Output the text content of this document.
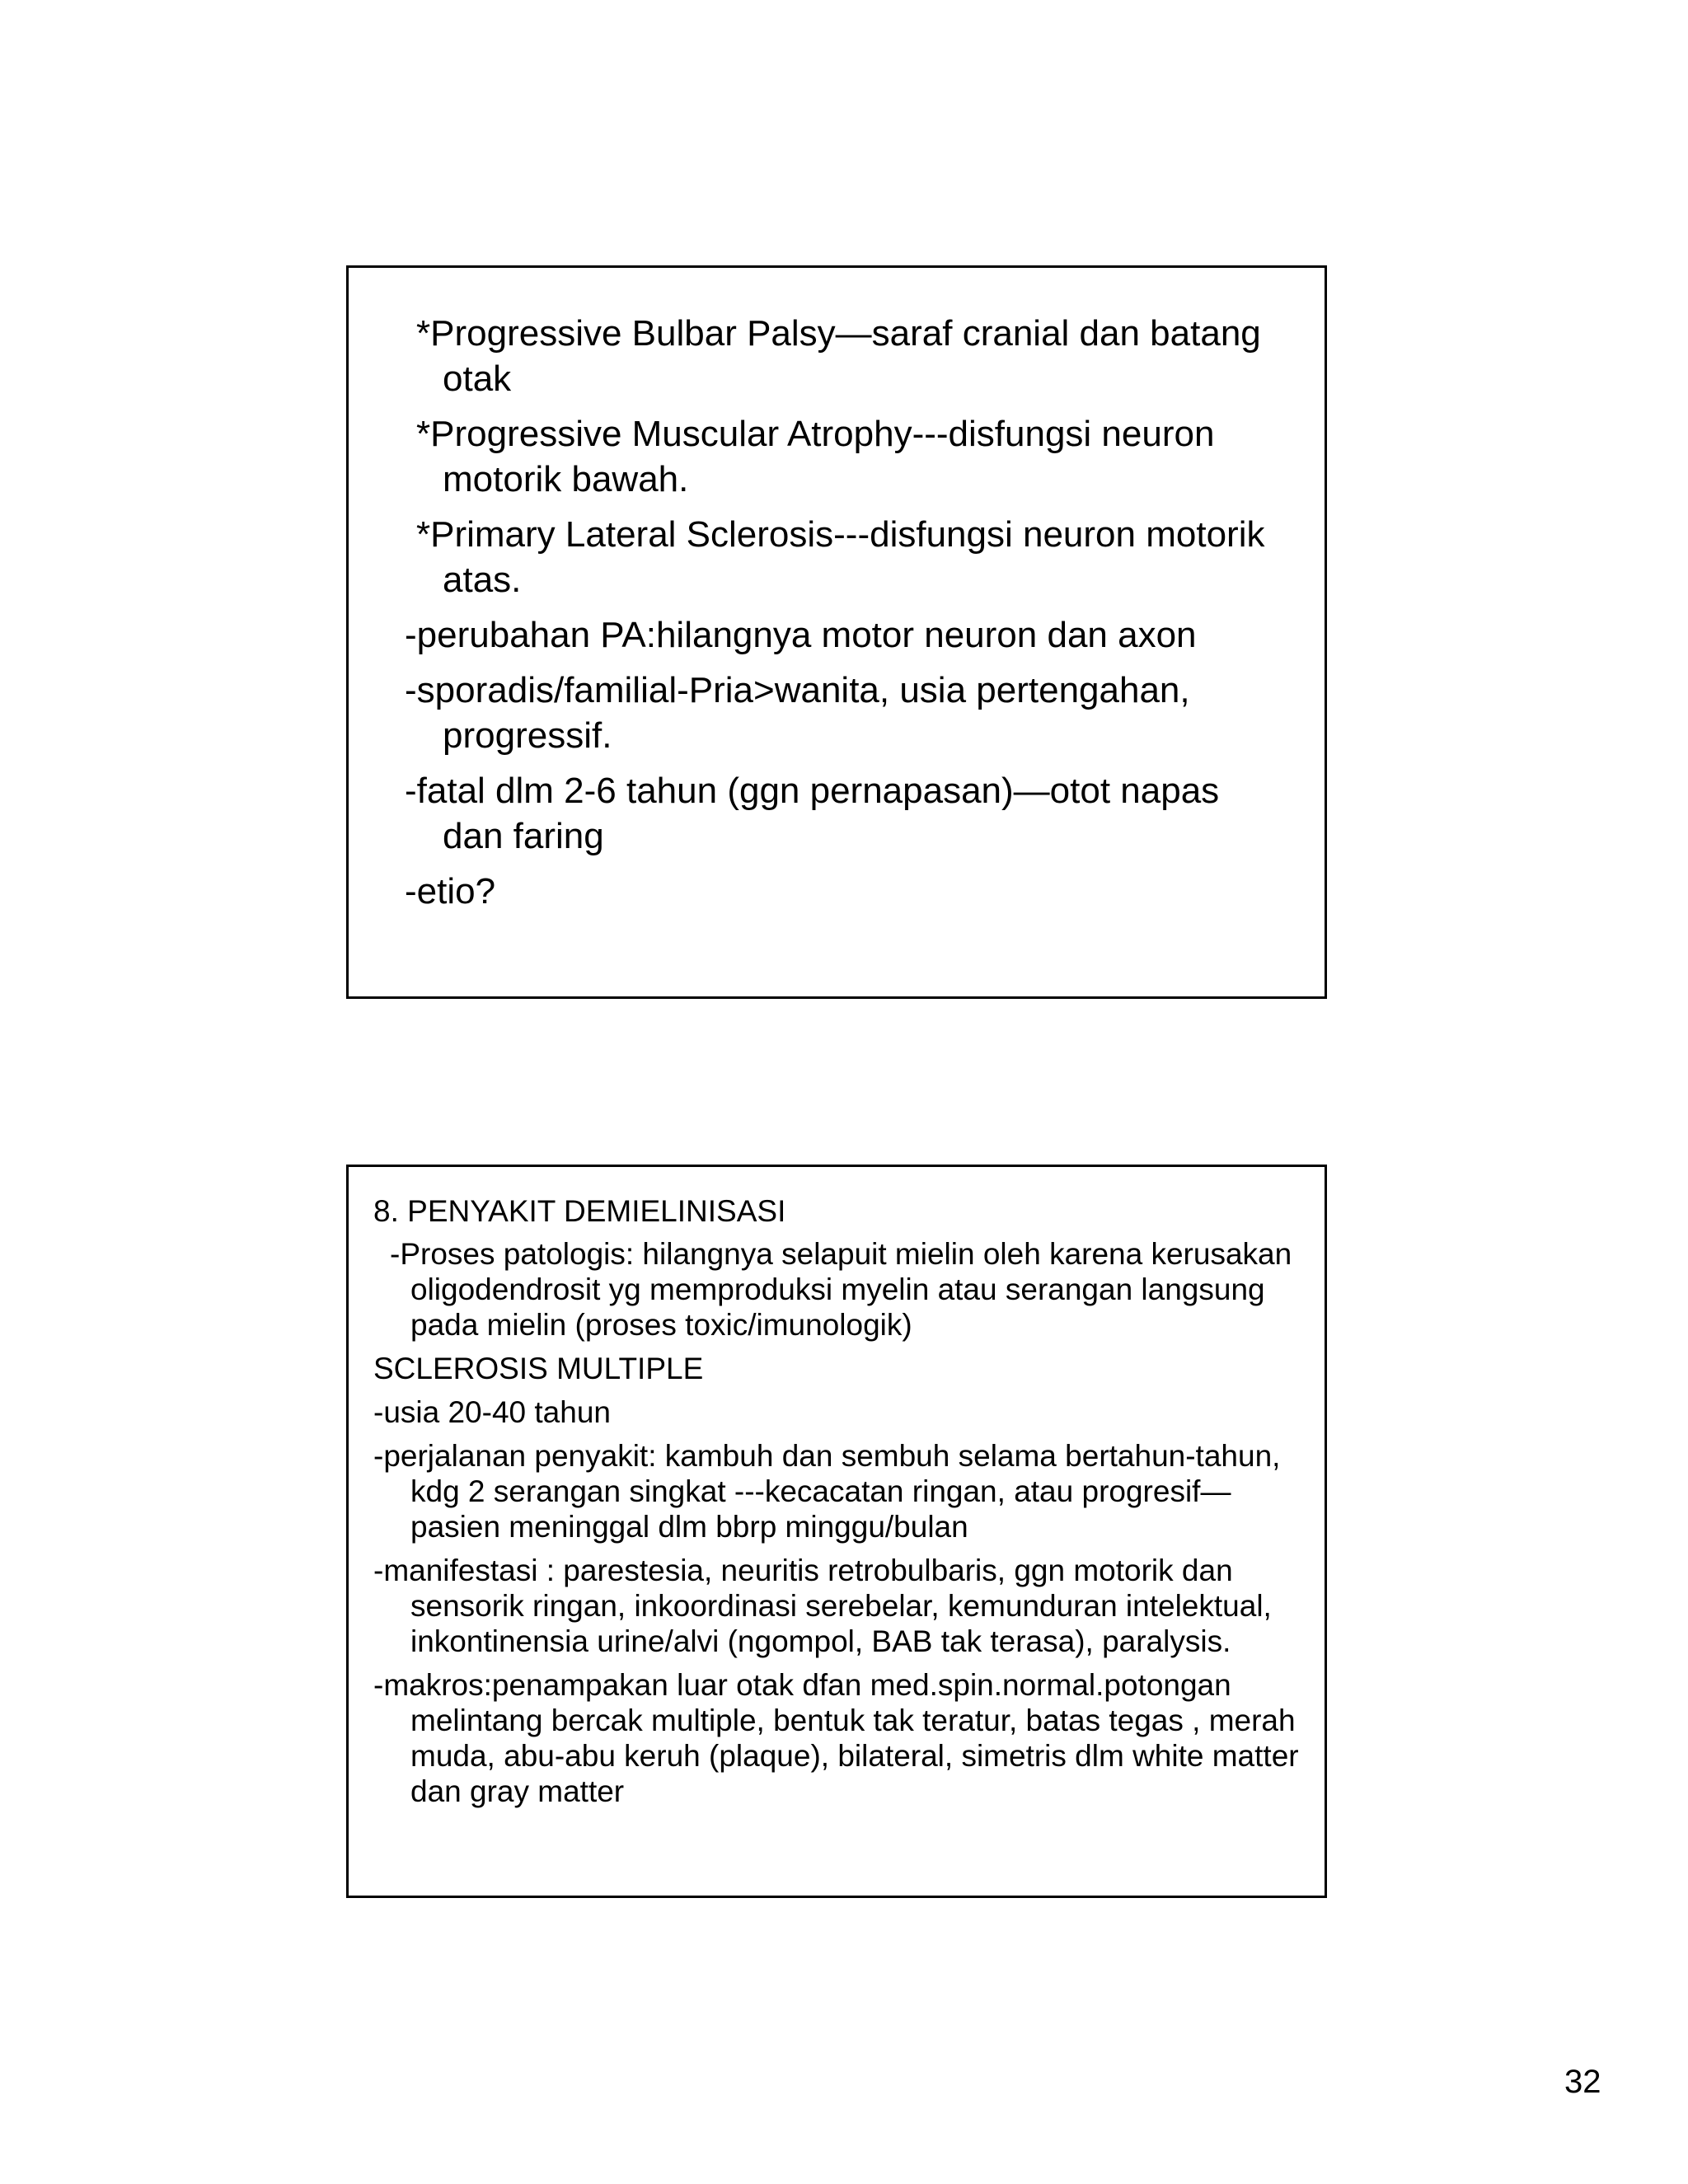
*Progressive Bulbar Palsy—saraf cranial dan batang otak
*Progressive Muscular Atrophy---disfungsi neuron motorik bawah.
*Primary Lateral Sclerosis---disfungsi neuron motorik atas.
-perubahan PA:hilangnya motor neuron dan axon
-sporadis/familial-Pria>wanita, usia pertengahan, progressif.
-fatal dlm 2-6 tahun (ggn pernapasan)—otot napas dan faring
-etio?
8. PENYAKIT DEMIELINISASI
-Proses patologis: hilangnya selapuit mielin oleh karena kerusakan oligodendrosit yg memproduksi myelin atau serangan langsung pada mielin (proses toxic/imunologik)
SCLEROSIS MULTIPLE
-usia 20-40 tahun
-perjalanan penyakit: kambuh dan sembuh selama bertahun-tahun, kdg 2 serangan singkat ---kecacatan ringan, atau progresif—pasien meninggal dlm bbrp minggu/bulan
-manifestasi : parestesia, neuritis retrobulbaris, ggn motorik dan sensorik ringan, inkoordinasi serebelar, kemunduran intelektual, inkontinensia urine/alvi (ngompol, BAB tak terasa), paralysis.
-makros:penampakan luar otak dfan med.spin.normal.potongan melintang bercak multiple, bentuk tak teratur, batas tegas , merah muda, abu-abu keruh (plaque), bilateral, simetris dlm white matter dan gray matter
32
